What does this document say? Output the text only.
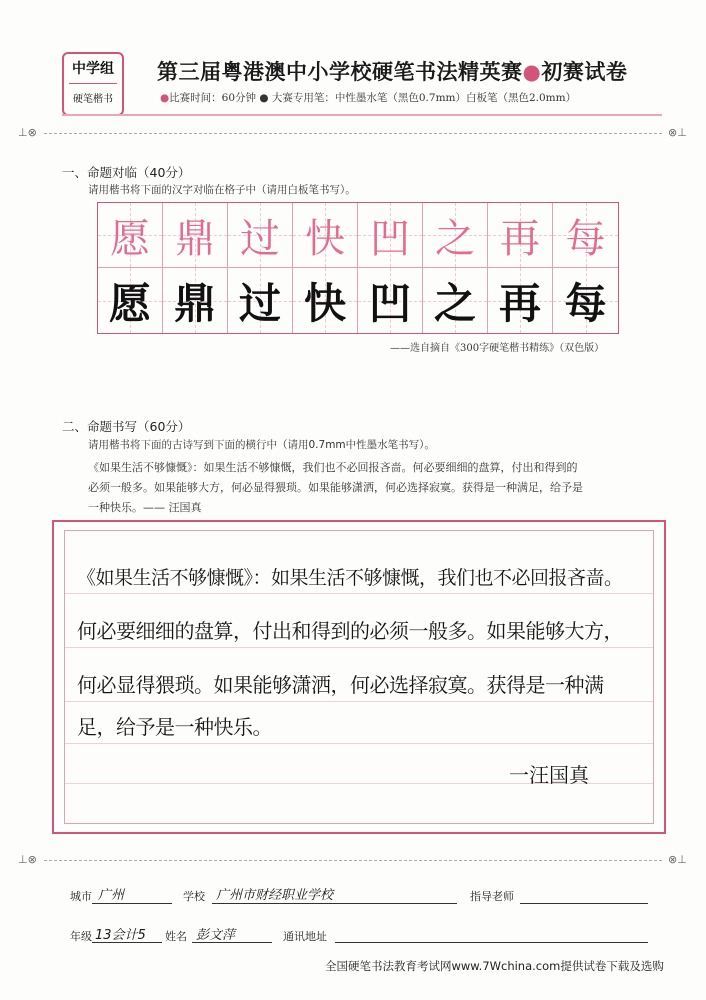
中学组
硬笔楷书
第三届粤港澳中小学校硬笔书法精英赛●初赛试卷
●比赛时间：60分钟 ● 大赛专用笔：中性墨水笔（黑色0.7mm）白板笔（黑色2.0mm）
⊥⊗	⊗⊥
一、命题对临（40分）
请用楷书将下面的汉字对临在格子中（请用白板笔书写）。
愿 鼎 过 快 凹 之 再 每
愿 鼎 过 快 凹 之 再 每
——选自摘自《300字硬笔楷书精练》（双色版）
二、命题书写（60分）
请用楷书将下面的古诗写到下面的横行中（请用0.7mm中性墨水笔书写）。
《如果生活不够慷慨》：如果生活不够慷慨，我们也不必回报吝啬。何必要细细的盘算，付出和得到的
必须一般多。如果能够大方，何必显得猥琐。如果能够潇洒，何必选择寂寞。获得是一种满足，给予是
一种快乐。—— 汪国真
《如果生活不够慷慨》：如果生活不够慷慨，我们也不必回报吝啬。
何必要细细的盘算，付出和得到的必须一般多。如果能够大方，
何必显得猥琐。如果能够潇洒，何必选择寂寞。获得是一种满
足，给予是一种快乐。
一汪国真
⊥⊗	⊗⊥
城市 广州	学校 广州市财经职业学校	指导老师
年级 13会计5 姓名 彭文萍	通讯地址
全国硬笔书法教育考试网www.7Wchina.com提供试卷下载及选购
